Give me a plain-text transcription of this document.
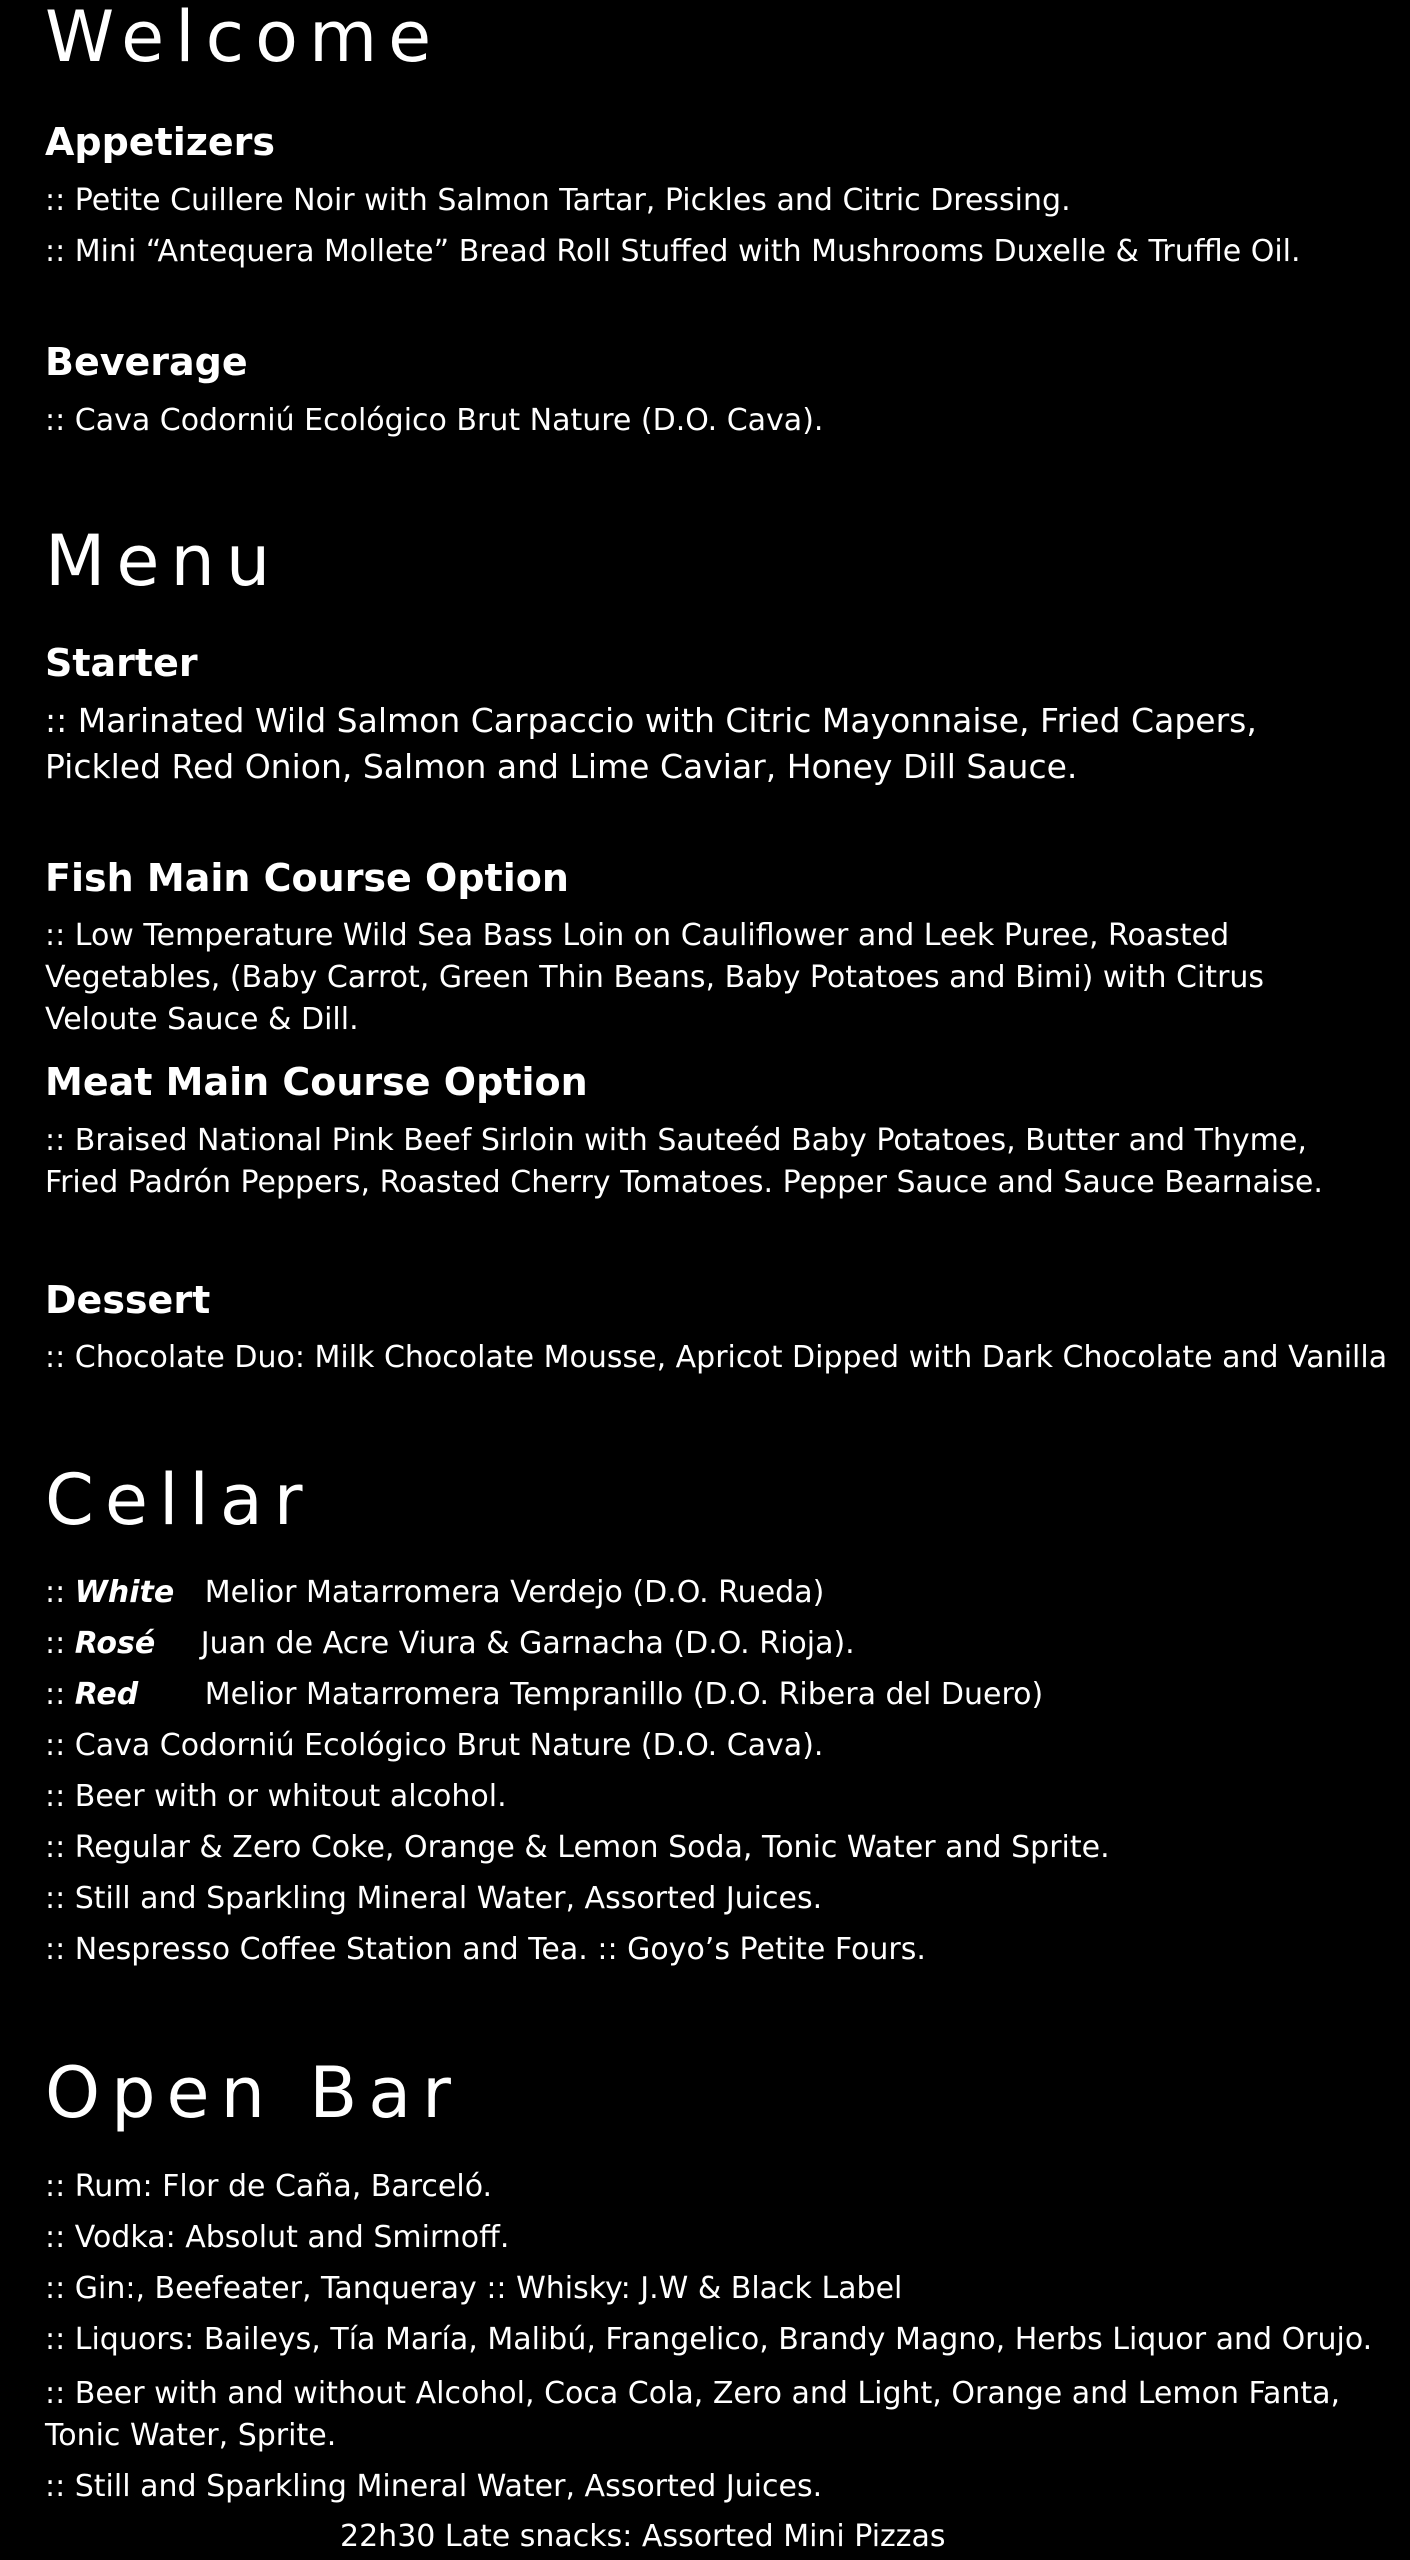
Welcome
Appetizers

:: Petite Cuillere Noir with Salmon Tartar, Pickles and Citric Dressing.

:: Mini “Antequera Mollete” Bread Roll Stuffed with Mushrooms Duxelle & Truffle Oil.

Beverage

:: Cava Codorniú Ecológico Brut Nature (D.O. Cava).

Menu
Starter

:: Marinated Wild Salmon Carpaccio with Citric Mayonnaise, Fried Capers, Pickled Red Onion, Salmon and Lime Caviar, Honey Dill Sauce.

Fish Main Course Option

:: Low Temperature Wild Sea Bass Loin on Cauliflower and Leek Puree, Roasted Vegetables, (Baby Carrot, Green Thin Beans, Baby Potatoes and Bimi) with Citrus Veloute Sauce & Dill.

Meat Main Course Option

:: Braised National Pink Beef Sirloin with Sauteéd Baby Potatoes, Butter and Thyme, Fried Padrón Peppers, Roasted Cherry Tomatoes. Pepper Sauce and Sauce Bearnaise.

Dessert

:: Chocolate Duo: Milk Chocolate Mousse, Apricot Dipped with Dark Chocolate and Vanilla

Cellar

:: White Melior Matarromera Verdejo (D.O. Rueda)

:: Rosé Juan de Acre Viura & Garnacha (D.O. Rioja).

:: Red Melior Matarromera Tempranillo (D.O. Ribera del Duero)

:: Cava Codorniú Ecológico Brut Nature (D.O. Cava).

:: Beer with or whitout alcohol.

:: Regular & Zero Coke, Orange & Lemon Soda, Tonic Water and Sprite.

:: Still and Sparkling Mineral Water, Assorted Juices.

:: Nespresso Coffee Station and Tea. :: Goyo’s Petite Fours.

Open Bar

:: Rum: Flor de Caña, Barceló.

:: Vodka: Absolut and Smirnoff.

:: Gin:, Beefeater, Tanqueray :: Whisky: J.W & Black Label

:: Liquors: Baileys, Tía María, Malibú, Frangelico, Brandy Magno, Herbs Liquor and Orujo.

:: Beer with and without Alcohol, Coca Cola, Zero and Light, Orange and Lemon Fanta, Tonic Water, Sprite.

:: Still and Sparkling Mineral Water, Assorted Juices.

22h30 Late snacks: Assorted Mini Pizzas
